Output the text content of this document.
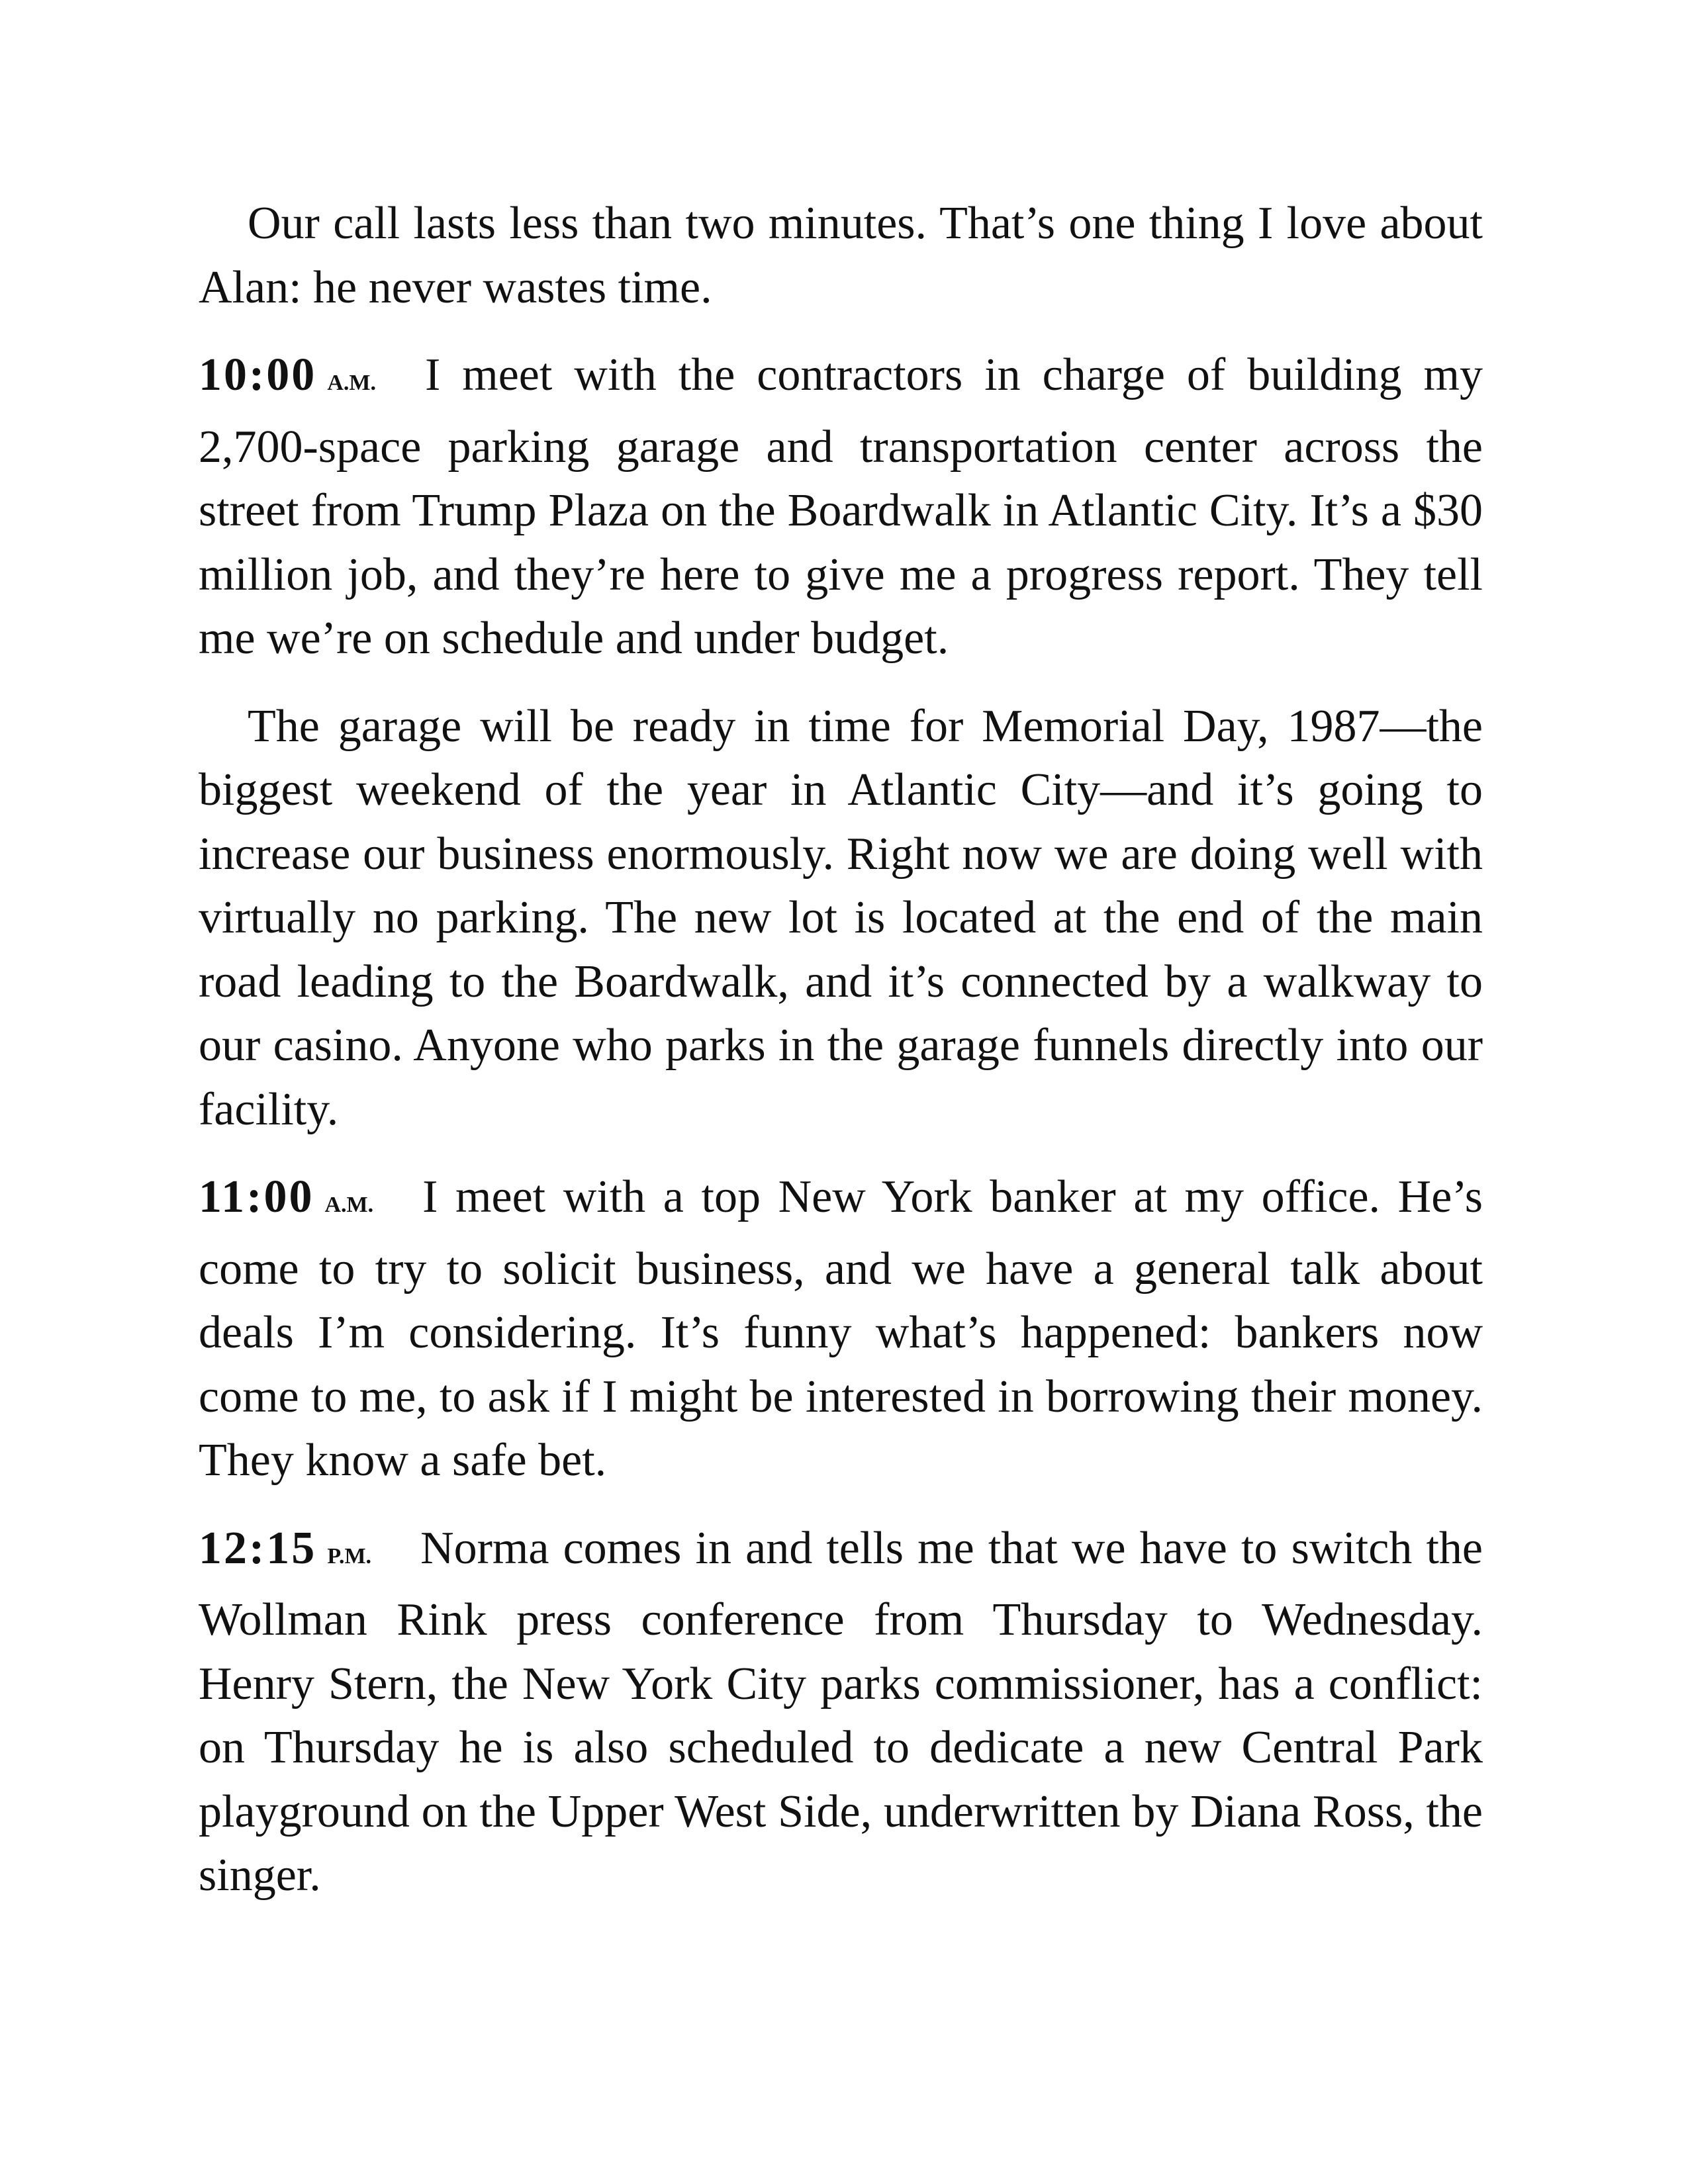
Our call lasts less than two minutes. That’s one thing I love about Alan: he never wastes time.

10:00 A.M. I meet with the contractors in charge of building my 2,700-space parking garage and transportation center across the street from Trump Plaza on the Boardwalk in Atlantic City. It’s a $30 million job, and they’re here to give me a progress report. They tell me we’re on schedule and under budget.

The garage will be ready in time for Memorial Day, 1987—the biggest weekend of the year in Atlantic City—and it’s going to increase our business enormously. Right now we are doing well with virtually no parking. The new lot is located at the end of the main road leading to the Boardwalk, and it’s connected by a walkway to our casino. Anyone who parks in the garage funnels directly into our facility.

11:00 A.M. I meet with a top New York banker at my office. He’s come to try to solicit business, and we have a general talk about deals I’m considering. It’s funny what’s happened: bankers now come to me, to ask if I might be interested in borrowing their money. They know a safe bet.

12:15 P.M. Norma comes in and tells me that we have to switch the Wollman Rink press conference from Thursday to Wednesday. Henry Stern, the New York City parks commissioner, has a conflict: on Thursday he is also scheduled to dedicate a new Central Park playground on the Upper West Side, underwritten by Diana Ross, the singer.
